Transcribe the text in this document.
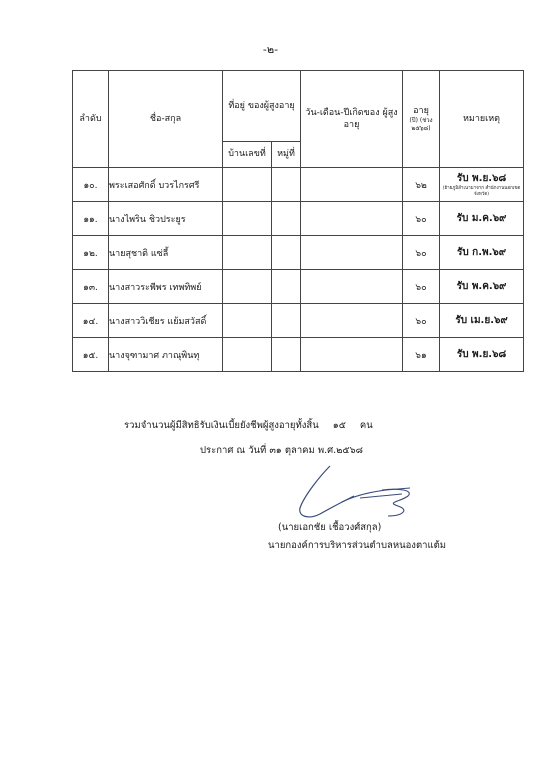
-๒-
ลำดับ	ชื่อ-สกุล	ที่อยู่ ของผู้สูงอายุ		วัน-เดือน-ปีเกิดของ ผู้สูงอายุ	อายุ
(ปี) (ช่วง ๒๕๖๘)	หมายเหตุ
		บ้านเลขที่	หมู่ที่			
๑๐.	พระเสอศักดิ์ บวรไกรศรี				๖๒	รับ พ.ย.๖๘
(ย้ายภูมิลำเนามาจาก สำนักงานนอกเขตจังหวัด)

๑๑.	นางไพริน ชิวประยูร				๖๐	รับ ม.ค.๖๙
๑๒.	นายสุชาติ แซ่ลี้				๖๐	รับ ก.พ.๖๙
๑๓.	นางสาวระพีพร เทพทิพย์				๖๐	รับ พ.ค.๖๙
๑๔.	นางสาววิเชียร แย้มสวัสดิ์				๖๐	รับ เม.ย.๖๙
๑๕.	นางจุฑามาศ ภาณุพินทุ				๖๑	รับ พ.ย.๖๘
รวมจำนวนผู้มีสิทธิรับเงินเบี้ยยังชีพผู้สูงอายุทั้งสิ้น ๑๕ คน
ประกาศ ณ วันที่ ๓๑ ตุลาคม พ.ศ.๒๕๖๘
(นายเอกชัย เชื้อวงศ์สกุล)
นายกองค์การบริหารส่วนตำบลหนองตาแต้ม
